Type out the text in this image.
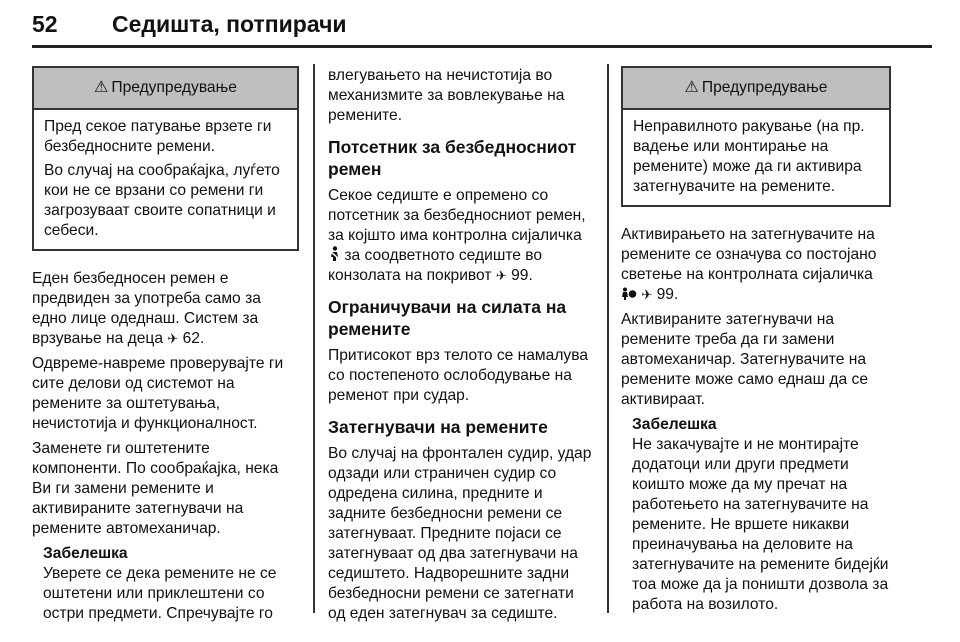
52	Седишта, потпирачи
⚠ Предупредување

Пред секое патување врзете ги безбедносните ремени.

Во случај на сообраќајка, луѓето кои не се врзани со ремени ги загрозуваат своите сопатници и себеси.

Еден безбедносен ремен е предвиден за употреба само за едно лице одеднаш. Систем за врзување на деца ✈ 62.

Одвреме-навреме проверувајте ги сите делови од системот на ремените за оштетувања, нечистотија и функционалност.

Заменете ги оштетените компоненти. По сообраќајка, нека Ви ги замени ремените и активираните затегнувачи на ремените автомеханичар.

Забелешка
Уверете се дека ремените не се оштетени или приклештени со остри предмети. Спречувајте го

влегувањето на нечистотија во механизмите за вовлекување на ремените.

Потсетник за безбедносниот ремен

Секое седиште е опремено со потсетник за безбедносниот ремен, за којшто има контролна сијаличка  за соодветното седиште во конзолата на покривот ✈ 99.

Ограничувачи на силата на ремените

Притисокот врз телото се намалува со постепеното ослободување на ременот при судар.

Затегнувачи на ремените

Во случај на фронтален судир, удар одзади или страничен судир со одредена силина, предните и задните безбедносни ремени се затегнуваат. Предните појаси се затегнуваат од два затегнувачи на седиштето. Надворешните задни безбедносни ремени се затегнати од еден затегнувач за седиште.

⚠ Предупредување

Неправилното ракување (на пр. вадење или монтирање на ремените) може да ги активира затегнувачите на ремените.

Активирањето на затегнувачите на ремените се означува со постојано светење на контролната сијаличка  ✈ 99.

Активираните затегнувачи на ремените треба да ги замени автомеханичар. Затегнувачите на ремените може само еднаш да се активираат.

Забелешка
Не закачувајте и не монтирајте додатоци или други предмети коишто може да му пречат на работењето на затегнувачите на ремените. Не вршете никакви преиначувања на деловите на затегнувачите на ремените бидејќи тоа може да ја поништи дозвола за работа на возилото.
